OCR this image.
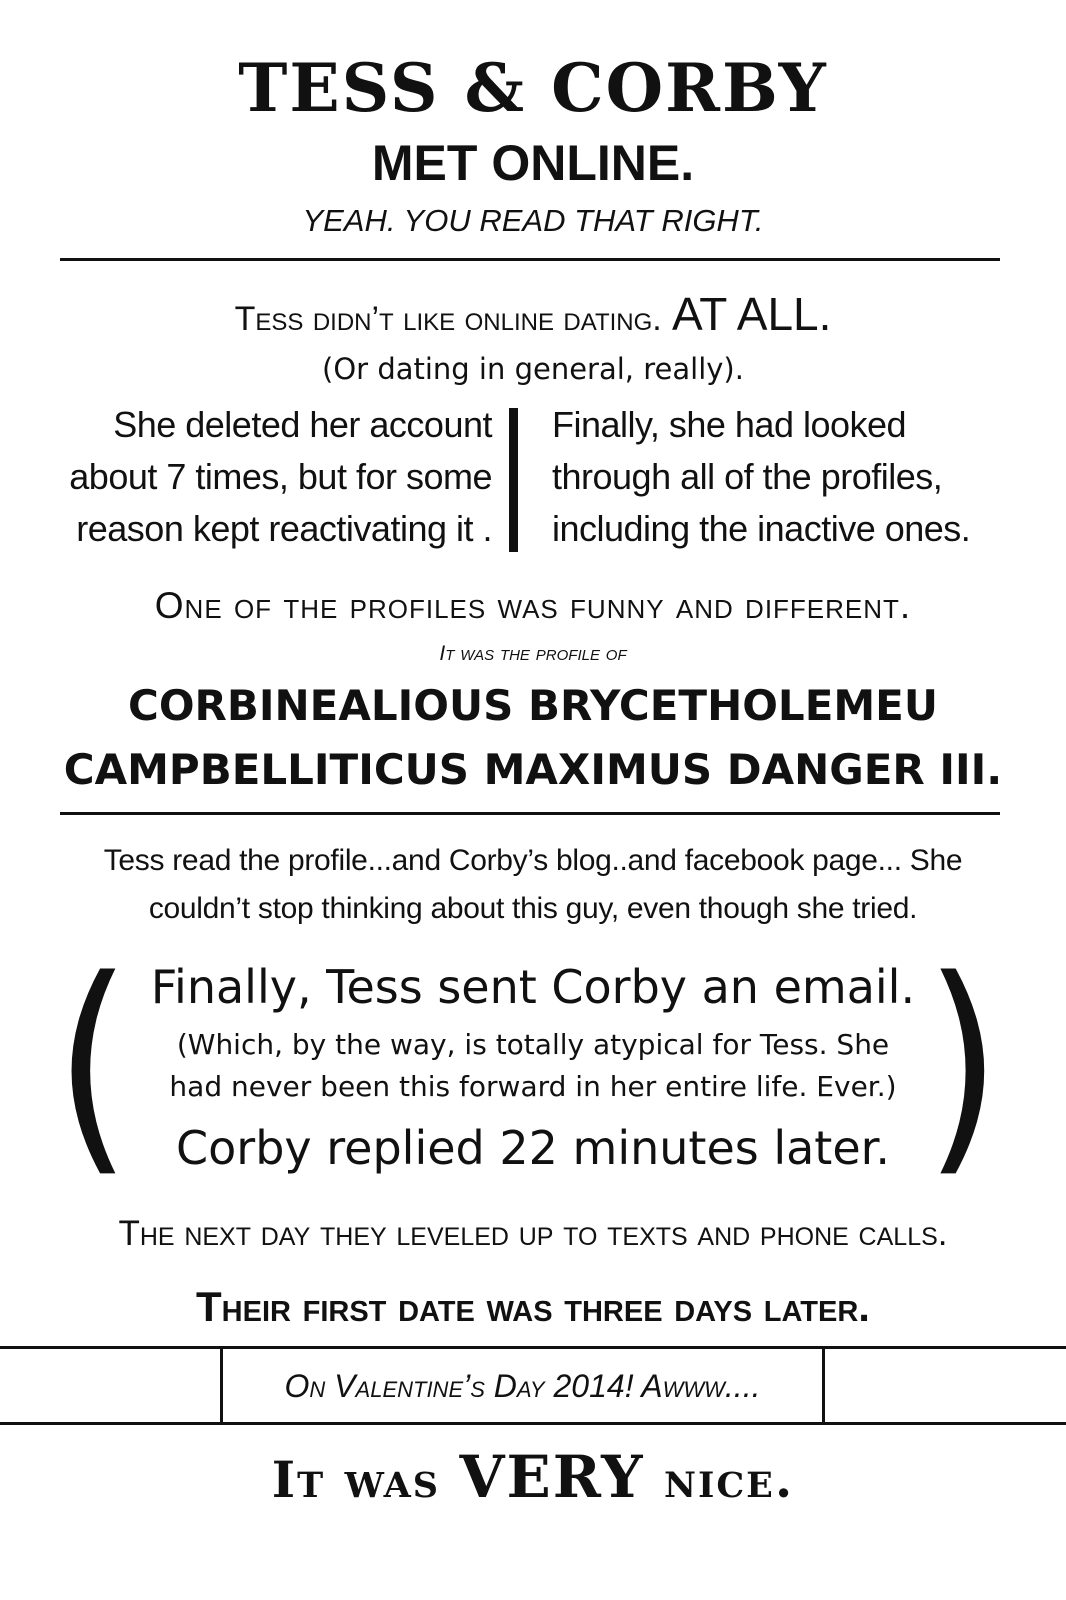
TESS & CORBY
MET ONLINE.
YEAH. YOU READ THAT RIGHT.
Tess didn’t like online dating. AT ALL.
(Or dating in general, really).
She deleted her account
about 7 times, but for some
reason kept reactivating it .
Finally, she had looked
through all of the profiles,
including the inactive ones.
One of the profiles was funny and different.
It was the profile of
CORBINEALIOUS BRYCETHOLEMEU
CAMPBELLITICUS MAXIMUS DANGER III.
Tess read the profile...and Corby’s blog..and facebook page... She
couldn’t stop thinking about this guy, even though she tried.
(	)
Finally, Tess sent Corby an email.
(Which, by the way, is totally atypical for Tess. She
had never been this forward in her entire life. Ever.)
Corby replied 22 minutes later.
The next day they leveled up to texts and phone calls.
Their first date was three days later.
On Valentine’s Day 2014! Awww....
It was VERY nice.
